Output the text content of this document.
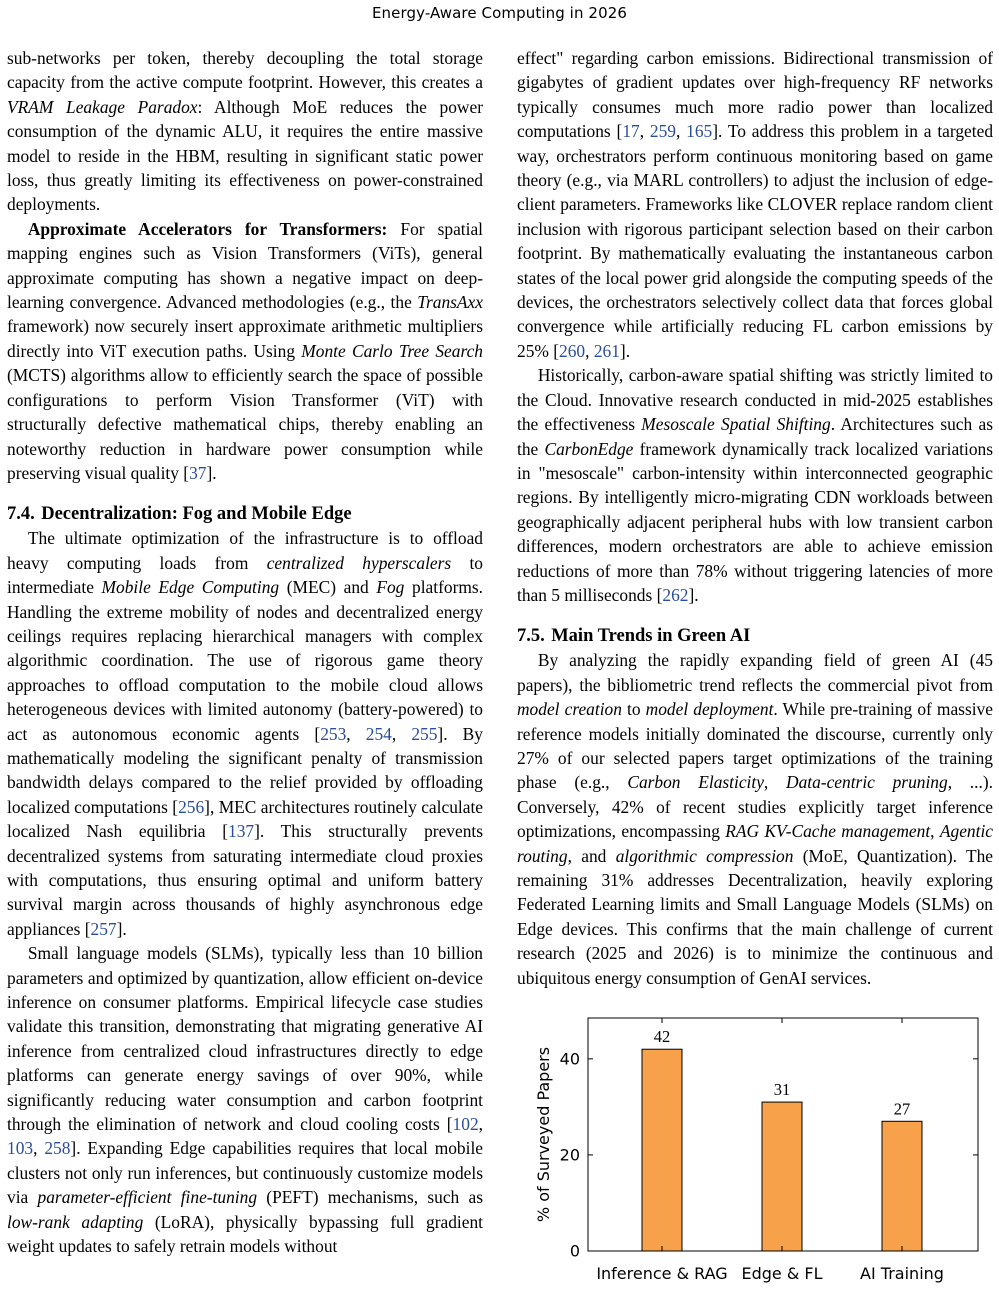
Energy-Aware Computing in 2026

sub-networks per token, thereby decoupling the total storage capacity from the active compute footprint. However, this creates a VRAM Leakage Paradox: Although MoE reduces the power consumption of the dynamic ALU, it requires the entire massive model to reside in the HBM, resulting in significant static power loss, thus greatly limiting its effectiveness on power-constrained deployments.

Approximate Accelerators for Transformers: For spatial mapping engines such as Vision Transformers (ViTs), general approximate computing has shown a negative impact on deep-learning convergence. Advanced methodologies (e.g., the TransAxx framework) now securely insert approximate arithmetic multipliers directly into ViT execution paths. Using Monte Carlo Tree Search (MCTS) algorithms allow to efficiently search the space of possible configurations to perform Vision Transformer (ViT) with structurally defective mathematical chips, thereby enabling an noteworthy reduction in hardware power consumption while preserving visual quality [37].

7.4. Decentralization: Fog and Mobile Edge

The ultimate optimization of the infrastructure is to offload heavy computing loads from centralized hyperscalers to intermediate Mobile Edge Computing (MEC) and Fog platforms. Handling the extreme mobility of nodes and decentralized energy ceilings requires replacing hierarchical managers with complex algorithmic coordination. The use of rigorous game theory approaches to offload computation to the mobile cloud allows heterogeneous devices with limited autonomy (battery-powered) to act as autonomous economic agents [253, 254, 255]. By mathematically modeling the significant penalty of transmission bandwidth delays compared to the relief provided by offloading localized computations [256], MEC architectures routinely calculate localized Nash equilibria [137]. This structurally prevents decentralized systems from saturating intermediate cloud proxies with computations, thus ensuring optimal and uniform battery survival margin across thousands of highly asynchronous edge appliances [257].

Small language models (SLMs), typically less than 10 billion parameters and optimized by quantization, allow efficient on-device inference on consumer platforms. Empirical lifecycle case studies validate this transition, demonstrating that migrating generative AI inference from centralized cloud infrastructures directly to edge platforms can generate energy savings of over 90%, while significantly reducing water consumption and carbon footprint through the elimination of network and cloud cooling costs [102, 103, 258]. Expanding Edge capabilities requires that local mobile clusters not only run inferences, but continuously customize models via parameter-efficient fine-tuning (PEFT) mechanisms, such as low-rank adapting (LoRA), physically bypassing full gradient weight updates to safely retrain models without

effect" regarding carbon emissions. Bidirectional transmission of gigabytes of gradient updates over high-frequency RF networks typically consumes much more radio power than localized computations [17, 259, 165]. To address this problem in a targeted way, orchestrators perform continuous monitoring based on game theory (e.g., via MARL controllers) to adjust the inclusion of edge-client parameters. Frameworks like CLOVER replace random client inclusion with rigorous participant selection based on their carbon footprint. By mathematically evaluating the instantaneous carbon states of the local power grid alongside the computing speeds of the devices, the orchestrators selectively collect data that forces global convergence while artificially reducing FL carbon emissions by 25% [260, 261].

Historically, carbon-aware spatial shifting was strictly limited to the Cloud. Innovative research conducted in mid-2025 establishes the effectiveness Mesoscale Spatial Shifting. Architectures such as the CarbonEdge framework dynamically track localized variations in "mesoscale" carbon-intensity within interconnected geographic regions. By intelligently micro-migrating CDN workloads between geographically adjacent peripheral hubs with low transient carbon differences, modern orchestrators are able to achieve emission reductions of more than 78% without triggering latencies of more than 5 milliseconds [262].

7.5. Main Trends in Green AI

By analyzing the rapidly expanding field of green AI (45 papers), the bibliometric trend reflects the commercial pivot from model creation to model deployment. While pre-training of massive reference models initially dominated the discourse, currently only 27% of our selected papers target optimizations of the training phase (e.g., Carbon Elasticity, Data-centric pruning, ...). Conversely, 42% of recent studies explicitly target inference optimizations, encompassing RAG KV-Cache management, Agentic routing, and algorithmic compression (MoE, Quantization). The remaining 31% addresses Decentralization, heavily exploring Federated Learning limits and Small Language Models (SLMs) on Edge devices. This confirms that the main challenge of current research (2025 and 2026) is to minimize the continuous and ubiquitous energy consumption of GenAI services.

0
20
40
% of Surveyed Papers
42
Inference & RAG
31
Edge & FL
27
AI Training
